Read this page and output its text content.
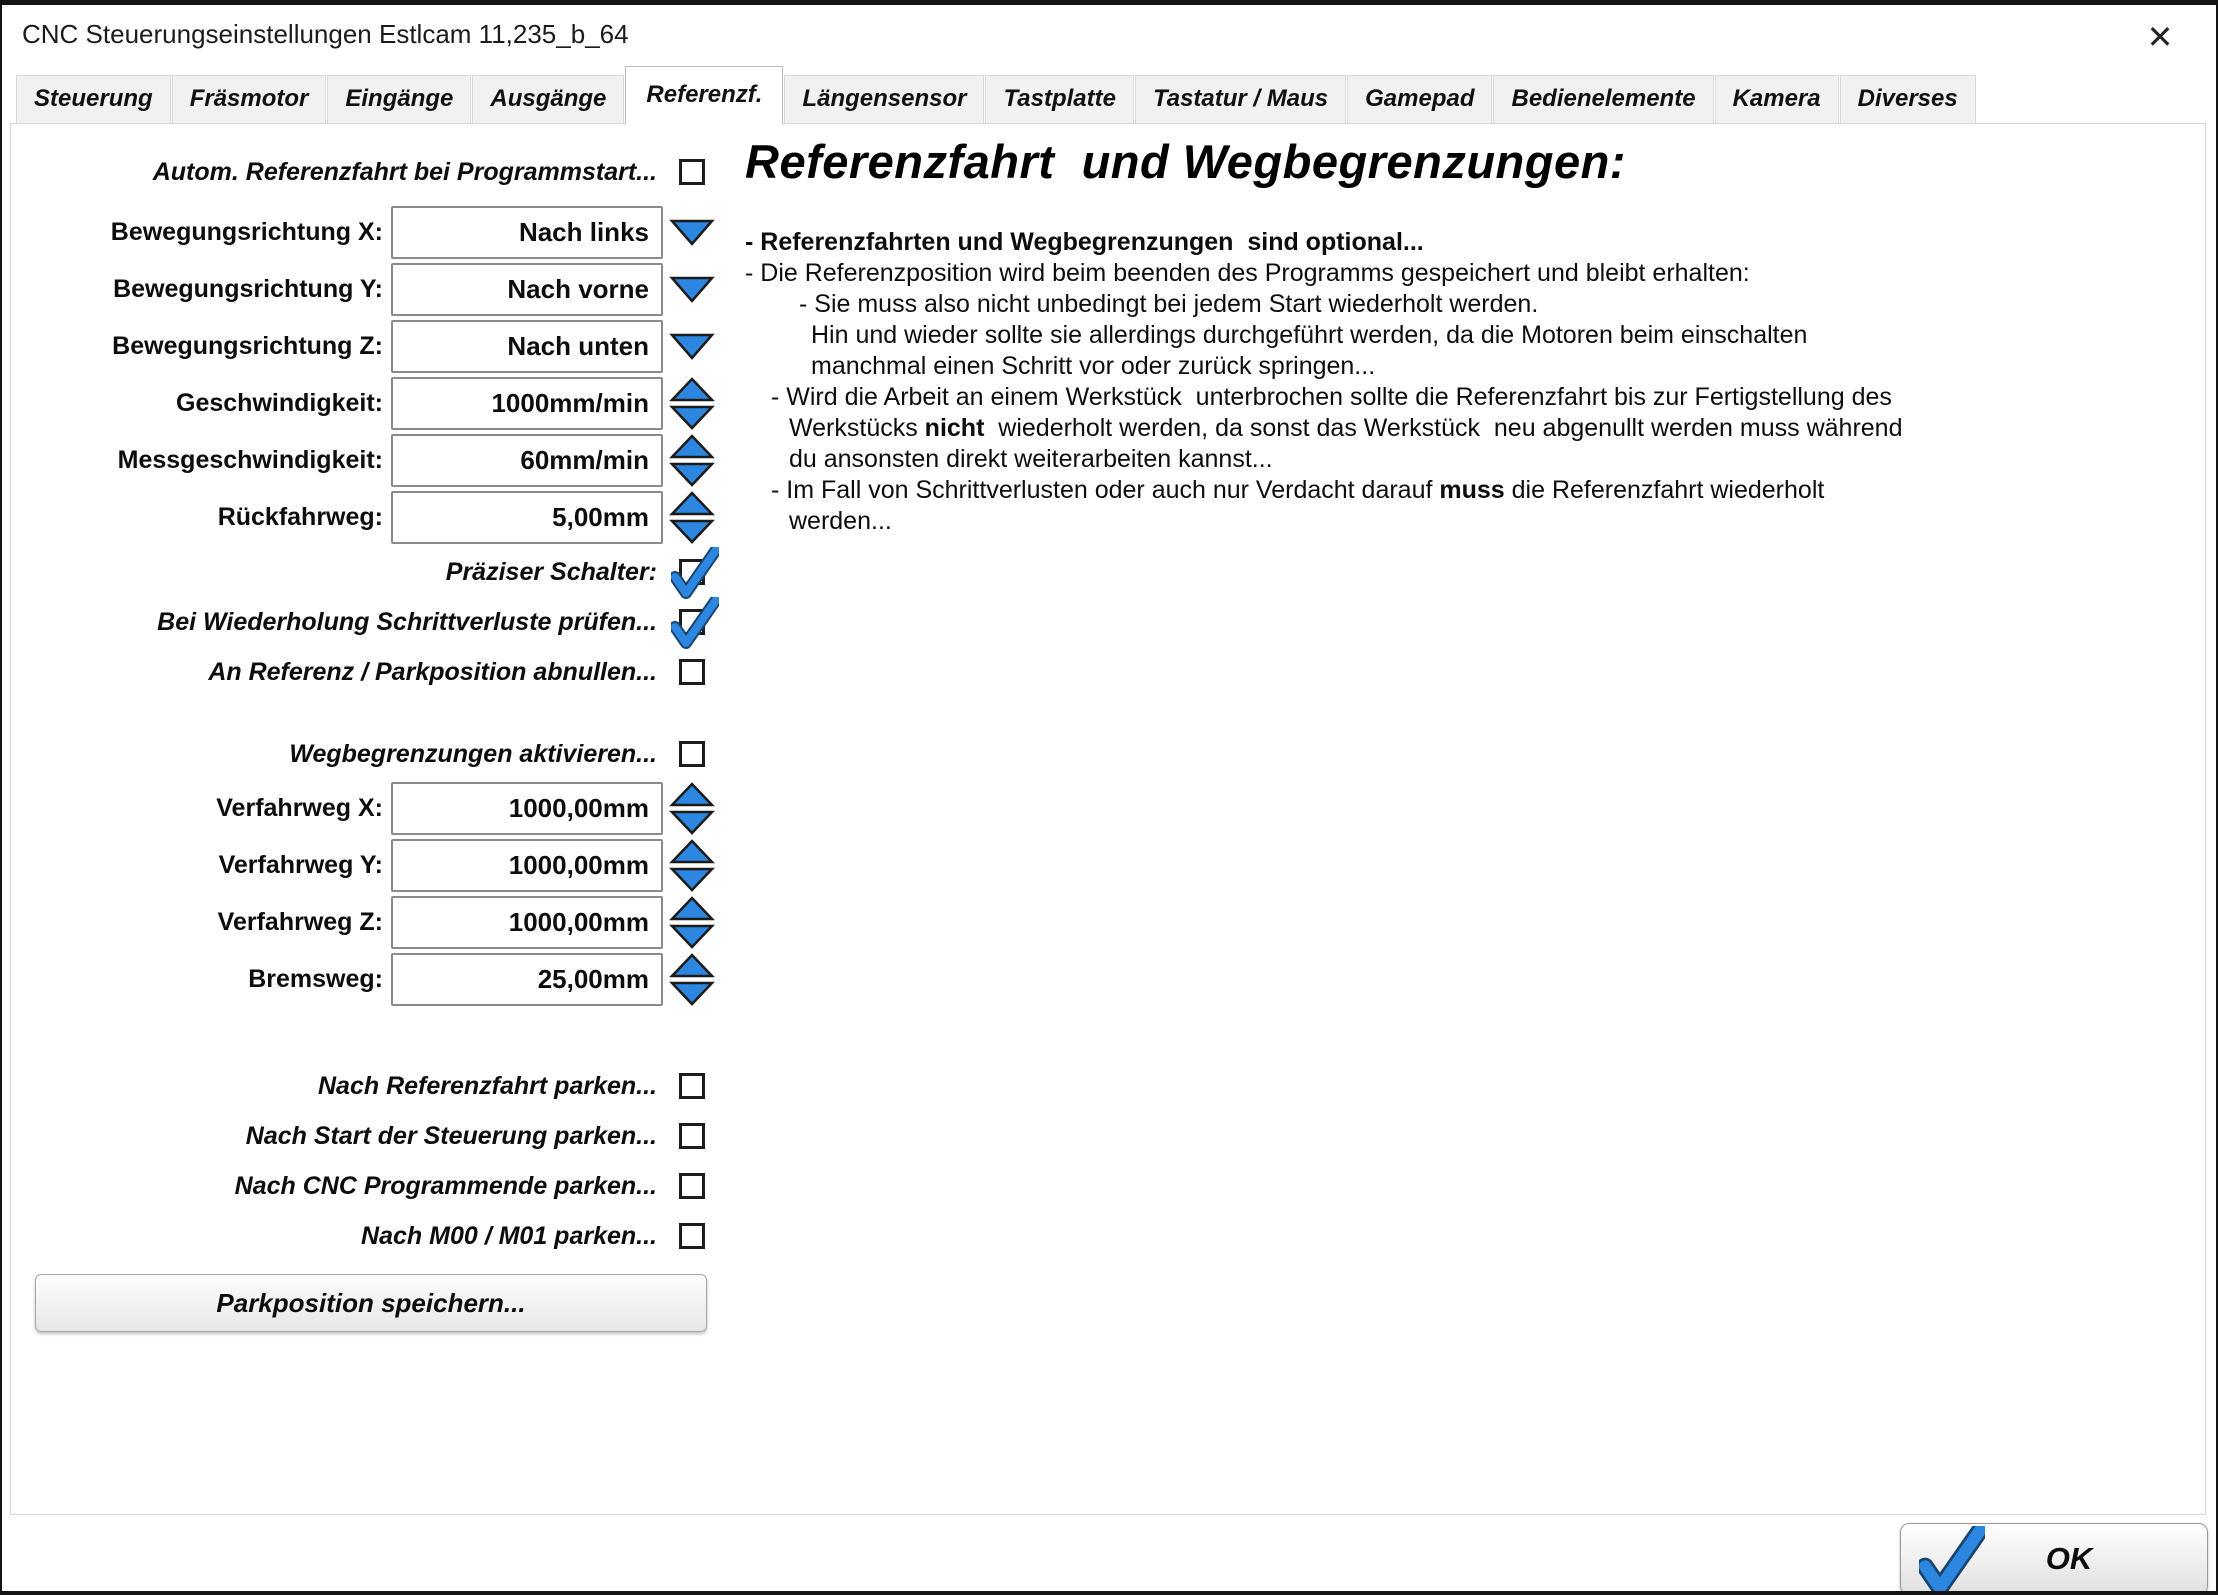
CNC Steuerungseinstellungen Estlcam 11,235_b_64	✕
Steuerung	Fräsmotor	Eingänge	Ausgänge	Referenzf.	Längensensor	Tastplatte	Tastatur / Maus	Gamepad	Bedienelemente	Kamera	Diverses
Autom. Referenzfahrt bei Programmstart...
Bewegungsrichtung X:	Nach links
Bewegungsrichtung Y:	Nach vorne
Bewegungsrichtung Z:	Nach unten
Geschwindigkeit:	1000mm/min
Messgeschwindigkeit:	60mm/min
Rückfahrweg:	5,00mm
Präziser Schalter:
Bei Wiederholung Schrittverluste prüfen...
An Referenz / Parkposition abnullen...
Wegbegrenzungen aktivieren...
Verfahrweg X:	1000,00mm
Verfahrweg Y:	1000,00mm
Verfahrweg Z:	1000,00mm
Bremsweg:	25,00mm
Nach Referenzfahrt parken...
Nach Start der Steuerung parken...
Nach CNC Programmende parken...
Nach M00 / M01 parken...
Parkposition speichern...
Referenzfahrt  und Wegbegrenzungen:
- Referenzfahrten und Wegbegrenzungen  sind optional...
- Die Referenzposition wird beim beenden des Programms gespeichert und bleibt erhalten:
- Sie muss also nicht unbedingt bei jedem Start wiederholt werden.
Hin und wieder sollte sie allerdings durchgeführt werden, da die Motoren beim einschalten
manchmal einen Schritt vor oder zurück springen...
- Wird die Arbeit an einem Werkstück  unterbrochen sollte die Referenzfahrt bis zur Fertigstellung des
Werkstücks nicht  wiederholt werden, da sonst das Werkstück  neu abgenullt werden muss während
du ansonsten direkt weiterarbeiten kannst...
- Im Fall von Schrittverlusten oder auch nur Verdacht darauf muss die Referenzfahrt wiederholt
werden...
OK
